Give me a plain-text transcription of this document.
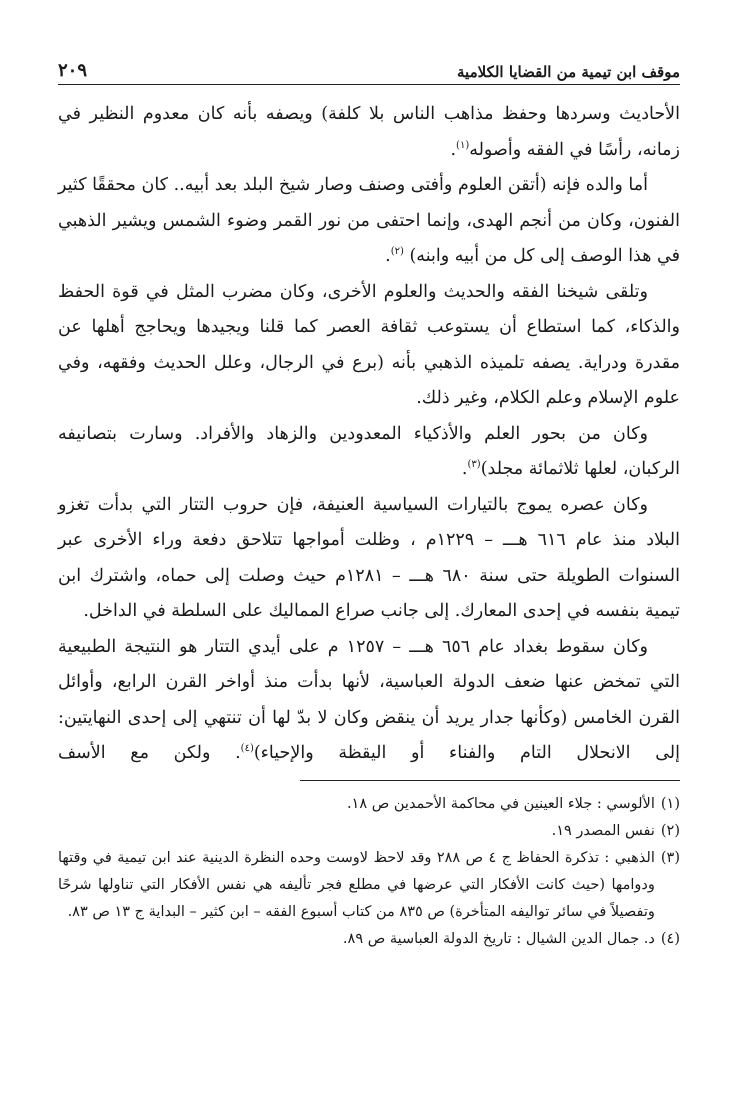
موقف ابن تيمية من القضايا الكلامية
٢٠٩

الأحاديث وسردها وحفظ مذاهب الناس بلا كلفة) ويصفه بأنه كان معدوم النظير في زمانه، رأسًا في الفقه وأصوله$^{(١)}$.

أما والده فإنه (أتقن العلوم وأفتى وصنف وصار شيخ البلد بعد أبيه.. كان محققًا كثير الفنون، وكان من أنجم الهدى، وإنما احتفى من نور القمر وضوء الشمس ويشير الذهبي في هذا الوصف إلى كل من أبيه وابنه) $^{(٢)}$.

وتلقى شيخنا الفقه والحديث والعلوم الأخرى، وكان مضرب المثل في قوة الحفظ والذكاء، كما استطاع أن يستوعب ثقافة العصر كما قلنا ويجيدها ويحاجج أهلها عن مقدرة ودراية. يصفه تلميذه الذهبي بأنه (برع في الرجال، وعلل الحديث وفقهه، وفي علوم الإسلام وعلم الكلام، وغير ذلك.

وكان من بحور العلم والأذكياء المعدودين والزهاد والأفراد. وسارت بتصانيفه الركبان، لعلها ثلاثمائة مجلد)$^{(٣)}$.

وكان عصره يموج بالتيارات السياسية العنيفة، فإن حروب التتار التي بدأت تغزو البلاد منذ عام ٦١٦ هـــ – ١٢٢٩م ، وظلت أمواجها تتلاحق دفعة وراء الأخرى عبر السنوات الطويلة حتى سنة ٦٨٠ هـــ – ١٢٨١م حيث وصلت إلى حماه، واشترك ابن تيمية بنفسه في إحدى المعارك. إلى جانب صراع المماليك على السلطة في الداخل.

وكان سقوط بغداد عام ٦٥٦ هـــ – ١٢٥٧ م على أيدي التتار هو النتيجة الطبيعية التي تمخض عنها ضعف الدولة العباسية، لأنها بدأت منذ أواخر القرن الرابع، وأوائل القرن الخامس (وكأنها جدار يريد أن ينقض وكان لا بدّ لها أن تنتهي إلى إحدى النهايتين: إلى الانحلال التام والفناء أو اليقظة والإحياء)$^{(٤)}$. ولكن مع الأسف

(١)
الألوسي : جلاء العينين في محاكمة الأحمدين ص ١٨.
(٢)
نفس المصدر ١٩.
(٣)
الذهبي : تذكرة الحفاظ ج ٤ ص ٢٨٨ وقد لاحظ لاوست وحده النظرة الدينية عند ابن تيمية في وقتها ودوامها (حيث كانت الأفكار التي عرضها في مطلع فجر تأليفه هي نفس الأفكار التي تناولها شرحًا وتفصيلاً في سائر تواليفه المتأخرة) ص ٨٣٥ من كتاب أسبوع الفقه – ابن كثير – البداية ج ١٣ ص ٨٣.
(٤)
د. جمال الدين الشيال : تاريخ الدولة العباسية ص ٨٩.
